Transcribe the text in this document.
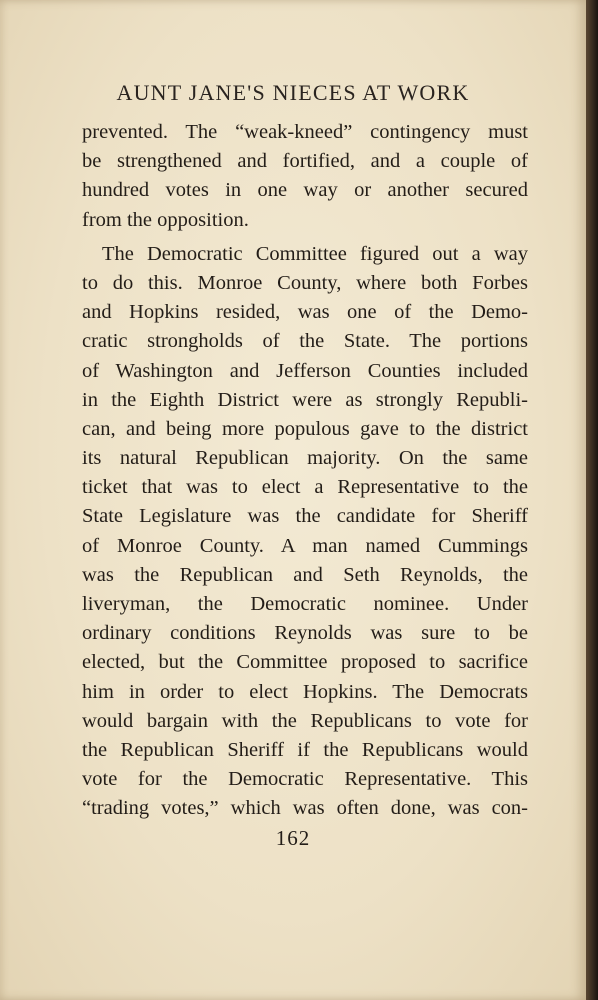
AUNT JANE'S NIECES AT WORK
prevented. The “weak-kneed” contingency must
be strengthened and fortified, and a couple of
hundred votes in one way or another secured
from the opposition.
The Democratic Committee figured out a way
to do this. Monroe County, where both Forbes
and Hopkins resided, was one of the Demo-
cratic strongholds of the State. The portions
of Washington and Jefferson Counties included
in the Eighth District were as strongly Republi-
can, and being more populous gave to the district
its natural Republican majority. On the same
ticket that was to elect a Representative to the
State Legislature was the candidate for Sheriff
of Monroe County. A man named Cummings
was the Republican and Seth Reynolds, the
liveryman, the Democratic nominee. Under
ordinary conditions Reynolds was sure to be
elected, but the Committee proposed to sacrifice
him in order to elect Hopkins. The Democrats
would bargain with the Republicans to vote for
the Republican Sheriff if the Republicans would
vote for the Democratic Representative. This
“trading votes,” which was often done, was con-
162
